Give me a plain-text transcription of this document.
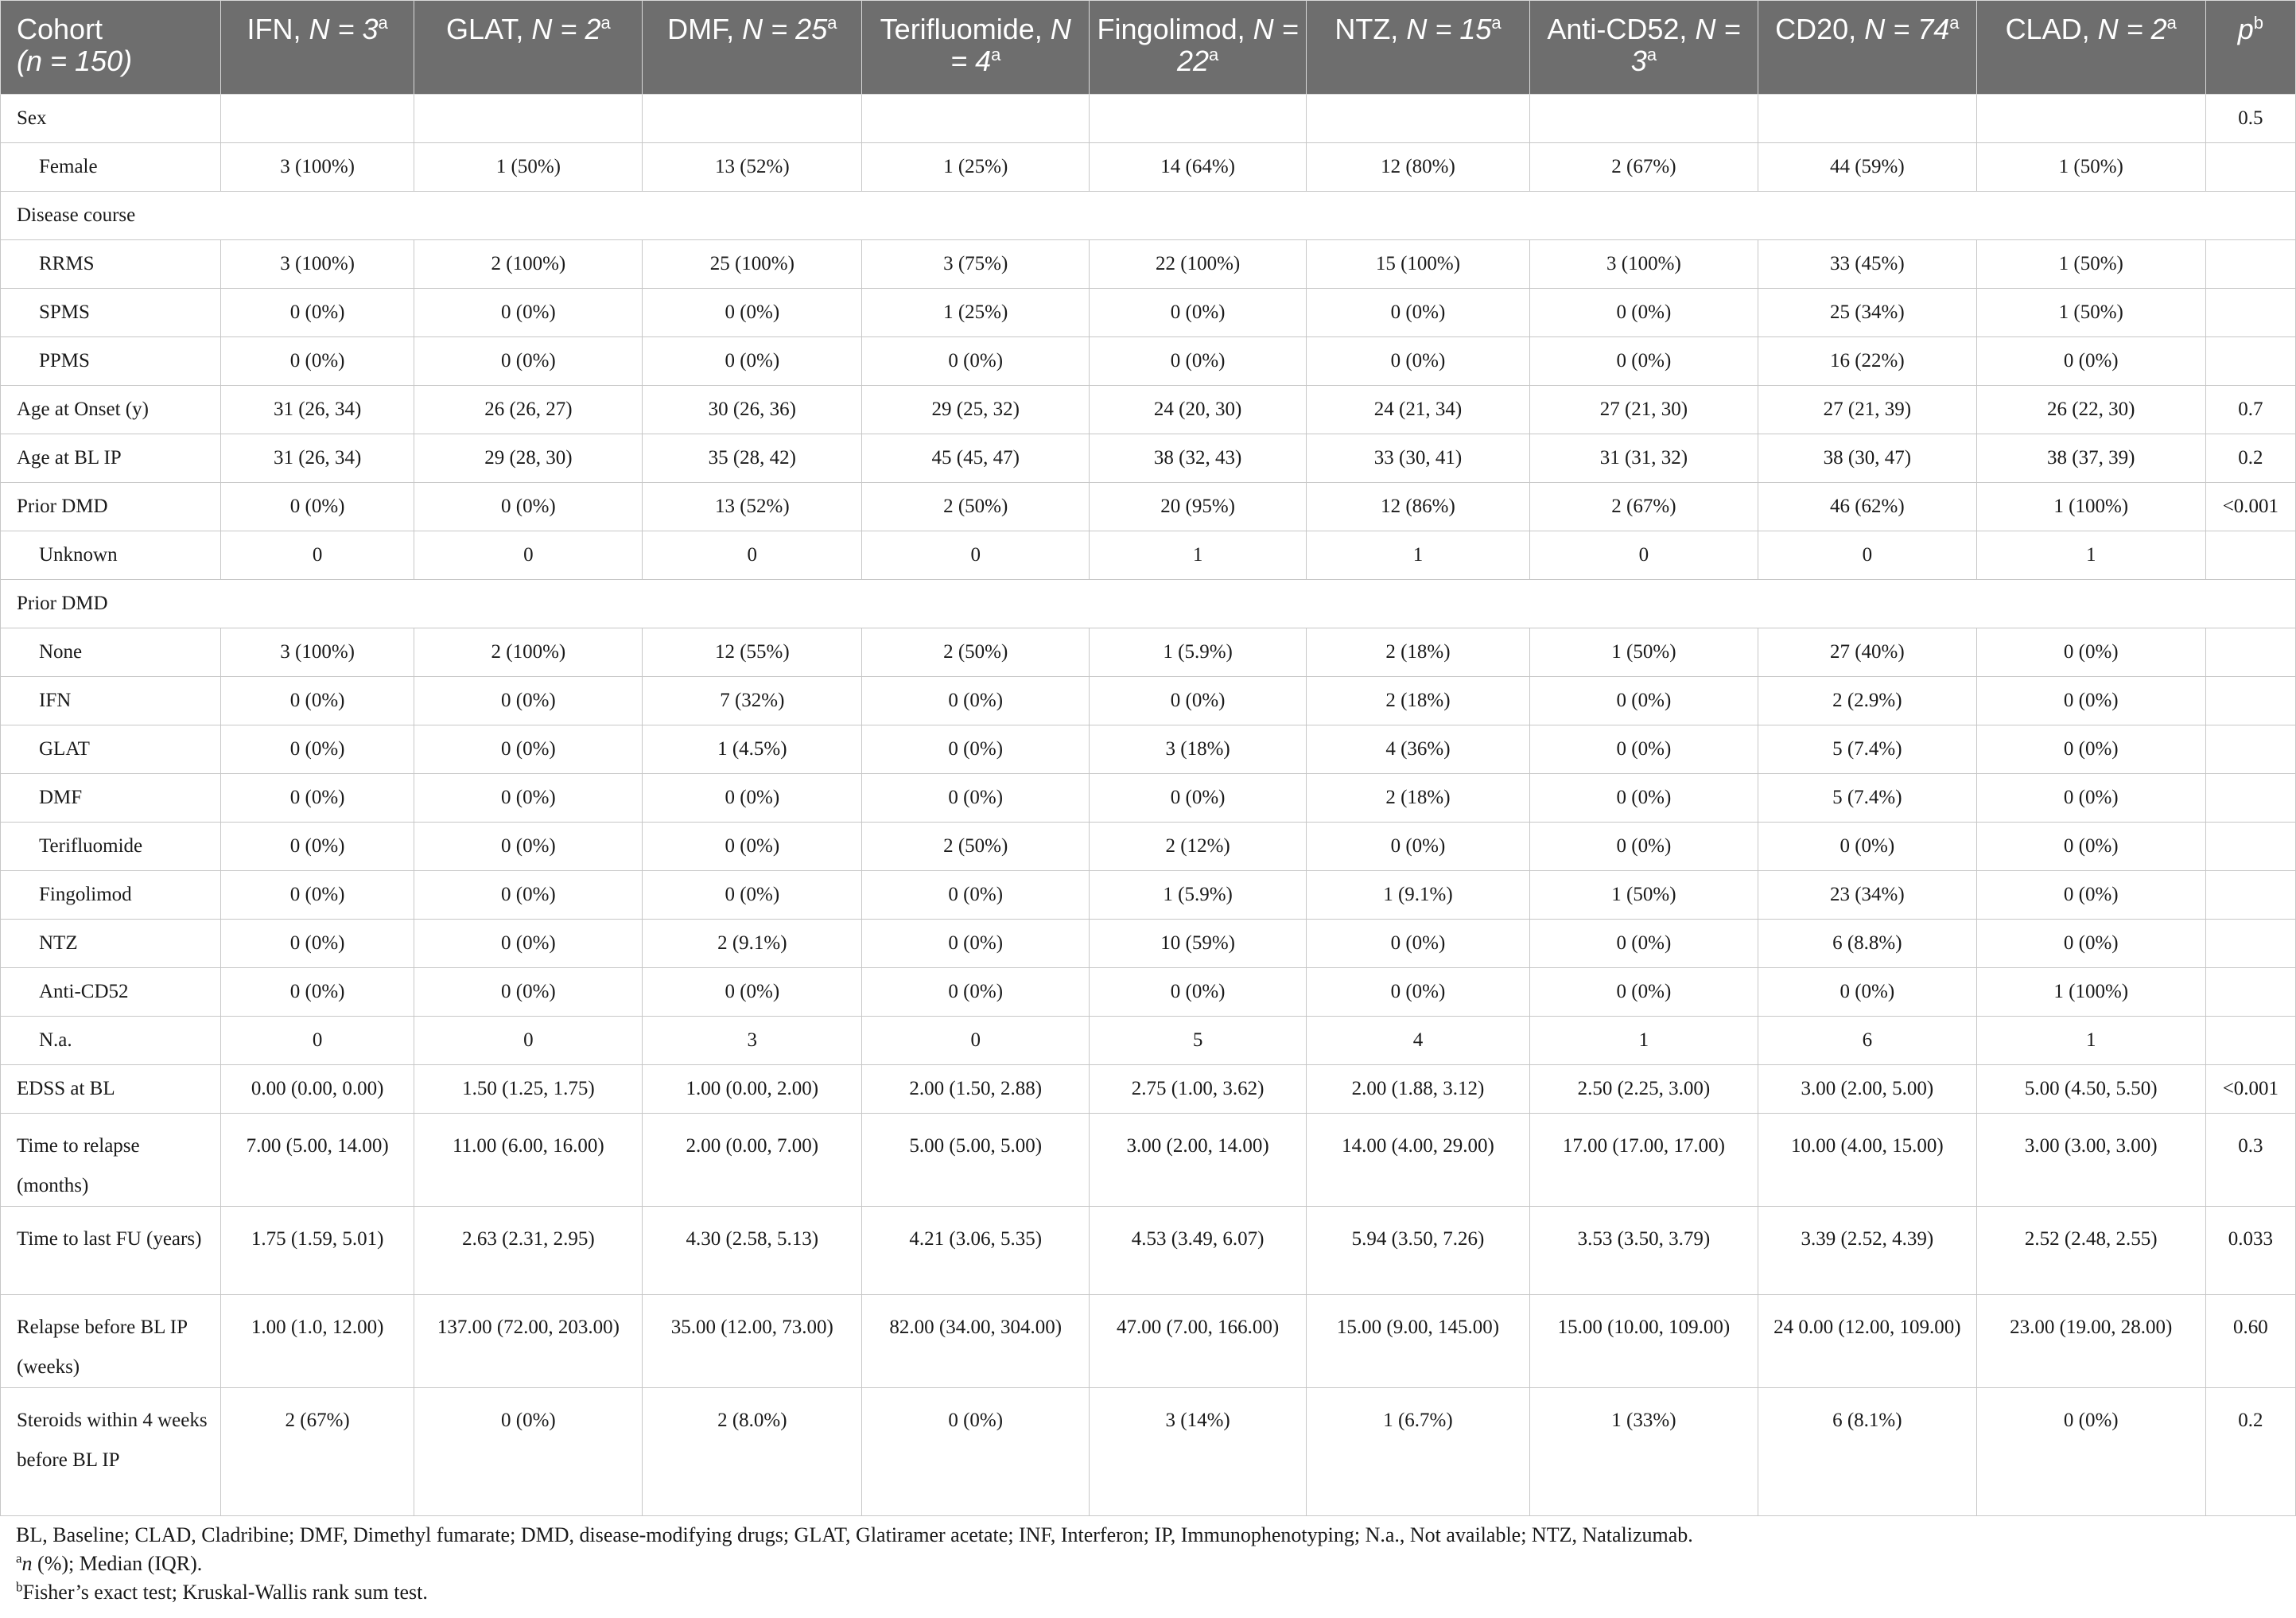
Cohort
(n = 150)	IFN, $N = 3^a$	GLAT, $N = 2^a$	DMF, $N = 25^a$	Terifluomide, $N = 4^a$	Fingolimod, $N = 22^a$	NTZ, $N = 15^a$	Anti-CD52, $N = 3^a$	CD20, $N = 74^a$	CLAD, $N = 2^a$	$p^b$
Sex										0.5
Female	3 (100%)	1 (50%)	13 (52%)	1 (25%)	14 (64%)	12 (80%)	2 (67%)	44 (59%)	1 (50%)	
Disease course										
RRMS	3 (100%)	2 (100%)	25 (100%)	3 (75%)	22 (100%)	15 (100%)	3 (100%)	33 (45%)	1 (50%)	
SPMS	0 (0%)	0 (0%)	0 (0%)	1 (25%)	0 (0%)	0 (0%)	0 (0%)	25 (34%)	1 (50%)	
PPMS	0 (0%)	0 (0%)	0 (0%)	0 (0%)	0 (0%)	0 (0%)	0 (0%)	16 (22%)	0 (0%)	
Age at Onset (y)	31 (26, 34)	26 (26, 27)	30 (26, 36)	29 (25, 32)	24 (20, 30)	24 (21, 34)	27 (21, 30)	27 (21, 39)	26 (22, 30)	0.7
Age at BL IP	31 (26, 34)	29 (28, 30)	35 (28, 42)	45 (45, 47)	38 (32, 43)	33 (30, 41)	31 (31, 32)	38 (30, 47)	38 (37, 39)	0.2
Prior DMD	0 (0%)	0 (0%)	13 (52%)	2 (50%)	20 (95%)	12 (86%)	2 (67%)	46 (62%)	1 (100%)	<0.001
Unknown	0	0	0	0	1	1	0	0	1	
Prior DMD										
None	3 (100%)	2 (100%)	12 (55%)	2 (50%)	1 (5.9%)	2 (18%)	1 (50%)	27 (40%)	0 (0%)	
IFN	0 (0%)	0 (0%)	7 (32%)	0 (0%)	0 (0%)	2 (18%)	0 (0%)	2 (2.9%)	0 (0%)	
GLAT	0 (0%)	0 (0%)	1 (4.5%)	0 (0%)	3 (18%)	4 (36%)	0 (0%)	5 (7.4%)	0 (0%)	
DMF	0 (0%)	0 (0%)	0 (0%)	0 (0%)	0 (0%)	2 (18%)	0 (0%)	5 (7.4%)	0 (0%)	
Terifluomide	0 (0%)	0 (0%)	0 (0%)	2 (50%)	2 (12%)	0 (0%)	0 (0%)	0 (0%)	0 (0%)	
Fingolimod	0 (0%)	0 (0%)	0 (0%)	0 (0%)	1 (5.9%)	1 (9.1%)	1 (50%)	23 (34%)	0 (0%)	
NTZ	0 (0%)	0 (0%)	2 (9.1%)	0 (0%)	10 (59%)	0 (0%)	0 (0%)	6 (8.8%)	0 (0%)	
Anti-CD52	0 (0%)	0 (0%)	0 (0%)	0 (0%)	0 (0%)	0 (0%)	0 (0%)	0 (0%)	1 (100%)	
N.a.	0	0	3	0	5	4	1	6	1	
EDSS at BL	0.00 (0.00, 0.00)	1.50 (1.25, 1.75)	1.00 (0.00, 2.00)	2.00 (1.50, 2.88)	2.75 (1.00, 3.62)	2.00 (1.88, 3.12)	2.50 (2.25, 3.00)	3.00 (2.00, 5.00)	5.00 (4.50, 5.50)	<0.001
Time to relapse (months)	7.00 (5.00, 14.00)	11.00 (6.00, 16.00)	2.00 (0.00, 7.00)	5.00 (5.00, 5.00)	3.00 (2.00, 14.00)	14.00 (4.00, 29.00)	17.00 (17.00, 17.00)	10.00 (4.00, 15.00)	3.00 (3.00, 3.00)	0.3
Time to last FU (years)	1.75 (1.59, 5.01)	2.63 (2.31, 2.95)	4.30 (2.58, 5.13)	4.21 (3.06, 5.35)	4.53 (3.49, 6.07)	5.94 (3.50, 7.26)	3.53 (3.50, 3.79)	3.39 (2.52, 4.39)	2.52 (2.48, 2.55)	0.033
Relapse before BL IP (weeks)	1.00 (1.0, 12.00)	137.00 (72.00, 203.00)	35.00 (12.00, 73.00)	82.00 (34.00, 304.00)	47.00 (7.00, 166.00)	15.00 (9.00, 145.00)	15.00 (10.00, 109.00)	24 0.00 (12.00, 109.00)	23.00 (19.00, 28.00)	0.60
Steroids within 4 weeks before BL IP	2 (67%)	0 (0%)	2 (8.0%)	0 (0%)	3 (14%)	1 (6.7%)	1 (33%)	6 (8.1%)	0 (0%)	0.2
BL, Baseline; CLAD, Cladribine; DMF, Dimethyl fumarate; DMD, disease-modifying drugs; GLAT, Glatiramer acetate; INF, Interferon; IP, Immunophenotyping; N.a., Not available; NTZ, Natalizumab.
$^a$n (%); Median (IQR).
$^b$Fisher’s exact test; Kruskal-Wallis rank sum test.
